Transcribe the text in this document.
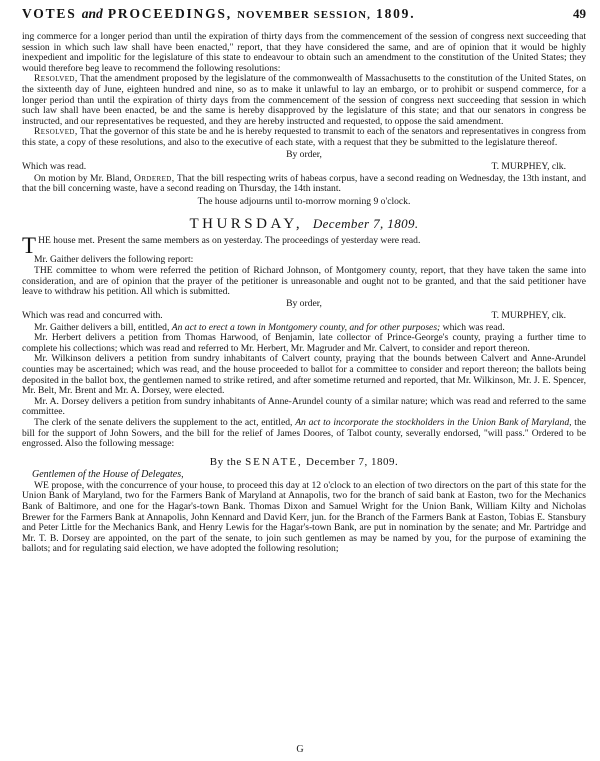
VOTES and PROCEEDINGS, NOVEMBER SESSION, 1809.	49

ing commerce for a longer period than until the expiration of thirty days from the commencement of the session of congress next succeeding that session in which such law shall have been enacted," report, that they have considered the same, and are of opinion that it would be highly inexpedient and impolitic for the legislature of this state to endeavour to obtain such an amendment to the constitution of the United States; they would therefore beg leave to recommend the following resolutions:

Resolved, That the amendment proposed by the legislature of the commonwealth of Massachusetts to the constitution of the United States, on the sixteenth day of June, eighteen hundred and nine, so as to make it unlawful to lay an embargo, or to prohibit or suspend commerce, for a longer period than until the expiration of thirty days from the commencement of the session of congress next succeeding that session in which such law shall have been enacted, be and the same is hereby disapproved by the legislature of this state; and that our senators in congress be instructed, and our representatives be requested, and they are hereby instructed and requested, to oppose the said amendment.

Resolved, That the governor of this state be and he is hereby requested to transmit to each of the senators and representatives in congress from this state, a copy of these resolutions, and also to the executive of each state, with a request that they be submitted to the legislature thereof.

By order,
Which was read.	T. MURPHEY, clk.

On motion by Mr. Bland, Ordered, That the bill respecting writs of habeas corpus, have a second reading on Wednesday, the 13th instant, and that the bill concerning waste, have a second reading on Thursday, the 14th instant.

The house adjourns until to-morrow morning 9 o'clock.

THURSDAY, December 7, 1809.

THE house met. Present the same members as on yesterday. The proceedings of yesterday were read.

Mr. Gaither delivers the following report:

THE committee to whom were referred the petition of Richard Johnson, of Montgomery county, report, that they have taken the same into consideration, and are of opinion that the prayer of the petitioner is unreasonable and ought not to be granted, and that the said petitioner have leave to withdraw his petition. All which is submitted.

By order,
Which was read and concurred with.	T. MURPHEY, clk.

Mr. Gaither delivers a bill, entitled, An act to erect a town in Montgomery county, and for other purposes; which was read.

Mr. Herbert delivers a petition from Thomas Harwood, of Benjamin, late collector of Prince-George's county, praying a further time to complete his collections; which was read and referred to Mr. Herbert, Mr. Magruder and Mr. Calvert, to consider and report thereon.

Mr. Wilkinson delivers a petition from sundry inhabitants of Calvert county, praying that the bounds between Calvert and Anne-Arundel counties may be ascertained; which was read, and the house proceeded to ballot for a committee to consider and report thereon; the ballots being deposited in the ballot box, the gentlemen named to strike retired, and after sometime returned and reported, that Mr. Wilkinson, Mr. J. E. Spencer, Mr. Belt, Mr. Brent and Mr. A. Dorsey, were elected.

Mr. A. Dorsey delivers a petition from sundry inhabitants of Anne-Arundel county of a similar nature; which was read and referred to the same committee.

The clerk of the senate delivers the supplement to the act, entitled, An act to incorporate the stockholders in the Union Bank of Maryland, the bill for the support of John Sowers, and the bill for the relief of James Doores, of Talbot county, severally endorsed, "will pass." Ordered to be engrossed. Also the following message:

By the SENATE, December 7, 1809.
Gentlemen of the House of Delegates,

WE propose, with the concurrence of your house, to proceed this day at 12 o'clock to an election of two directors on the part of this state for the Union Bank of Maryland, two for the Farmers Bank of Maryland at Annapolis, two for the branch of said bank at Easton, two for the Mechanics Bank of Baltimore, and one for the Hagar's-town Bank. Thomas Dixon and Samuel Wright for the Union Bank, William Kilty and Nicholas Brewer for the Farmers Bank at Annapolis, John Kennard and David Kerr, jun. for the Branch of the Farmers Bank at Easton, Tobias E. Stansbury and Peter Little for the Mechanics Bank, and Henry Lewis for the Hagar's-town Bank, are put in nomination by the senate; and Mr. Partridge and Mr. T. B. Dorsey are appointed, on the part of the senate, to join such gentlemen as may be named by you, for the purpose of examining the ballots; and for regulating said election, we have adopted the following resolution;

G
